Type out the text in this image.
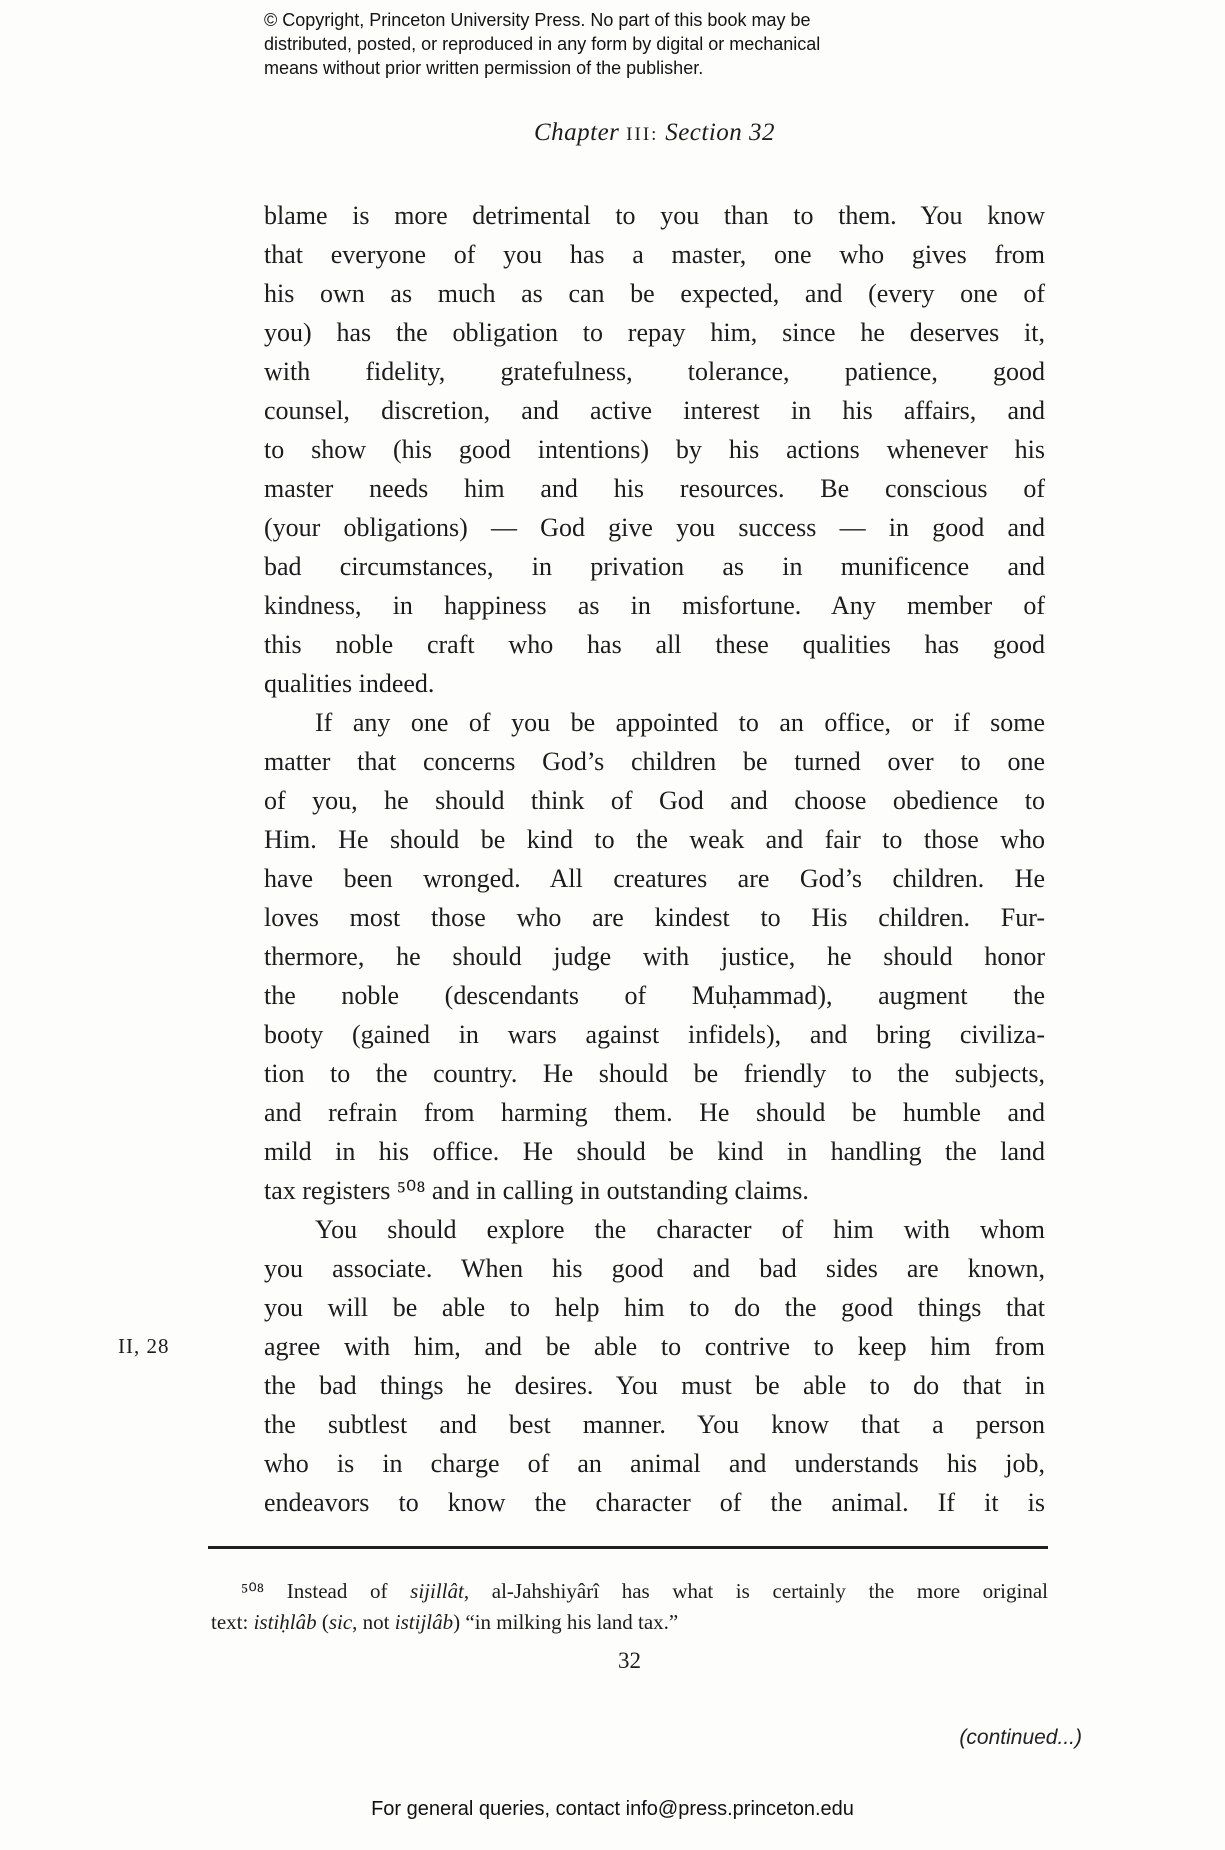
© Copyright, Princeton University Press. No part of this book may be
distributed, posted, or reproduced in any form by digital or mechanical
means without prior written permission of the publisher.
Chapter III: Section 32
blame is more detrimental to you than to them. You know
that everyone of you has a master, one who gives from
his own as much as can be expected, and (every one of
you) has the obligation to repay him, since he deserves it,
with fidelity, gratefulness, tolerance, patience, good
counsel, discretion, and active interest in his affairs, and
to show (his good intentions) by his actions whenever his
master needs him and his resources. Be conscious of
(your obligations) — God give you success — in good and
bad circumstances, in privation as in munificence and
kindness, in happiness as in misfortune. Any member of
this noble craft who has all these qualities has good
qualities indeed.
If any one of you be appointed to an office, or if some
matter that concerns God’s children be turned over to one
of you, he should think of God and choose obedience to
Him. He should be kind to the weak and fair to those who
have been wronged. All creatures are God’s children. He
loves most those who are kindest to His children. Fur-
thermore, he should judge with justice, he should honor
the noble (descendants of Muḥammad), augment the
booty (gained in wars against infidels), and bring civiliza-
tion to the country. He should be friendly to the subjects,
and refrain from harming them. He should be humble and
mild in his office. He should be kind in handling the land
tax registers ⁵⁰⁸ and in calling in outstanding claims.
You should explore the character of him with whom
you associate. When his good and bad sides are known,
you will be able to help him to do the good things that
agree with him, and be able to contrive to keep him from
the bad things he desires. You must be able to do that in
the subtlest and best manner. You know that a person
who is in charge of an animal and understands his job,
endeavors to know the character of the animal. If it is
II, 28
⁵⁰⁸ Instead of sijillât, al-Jahshiyârî has what is certainly the more original
text: istiḥlâb (sic, not istijlâb) “in milking his land tax.”
32
(continued...)
For general queries, contact info@press.princeton.edu
